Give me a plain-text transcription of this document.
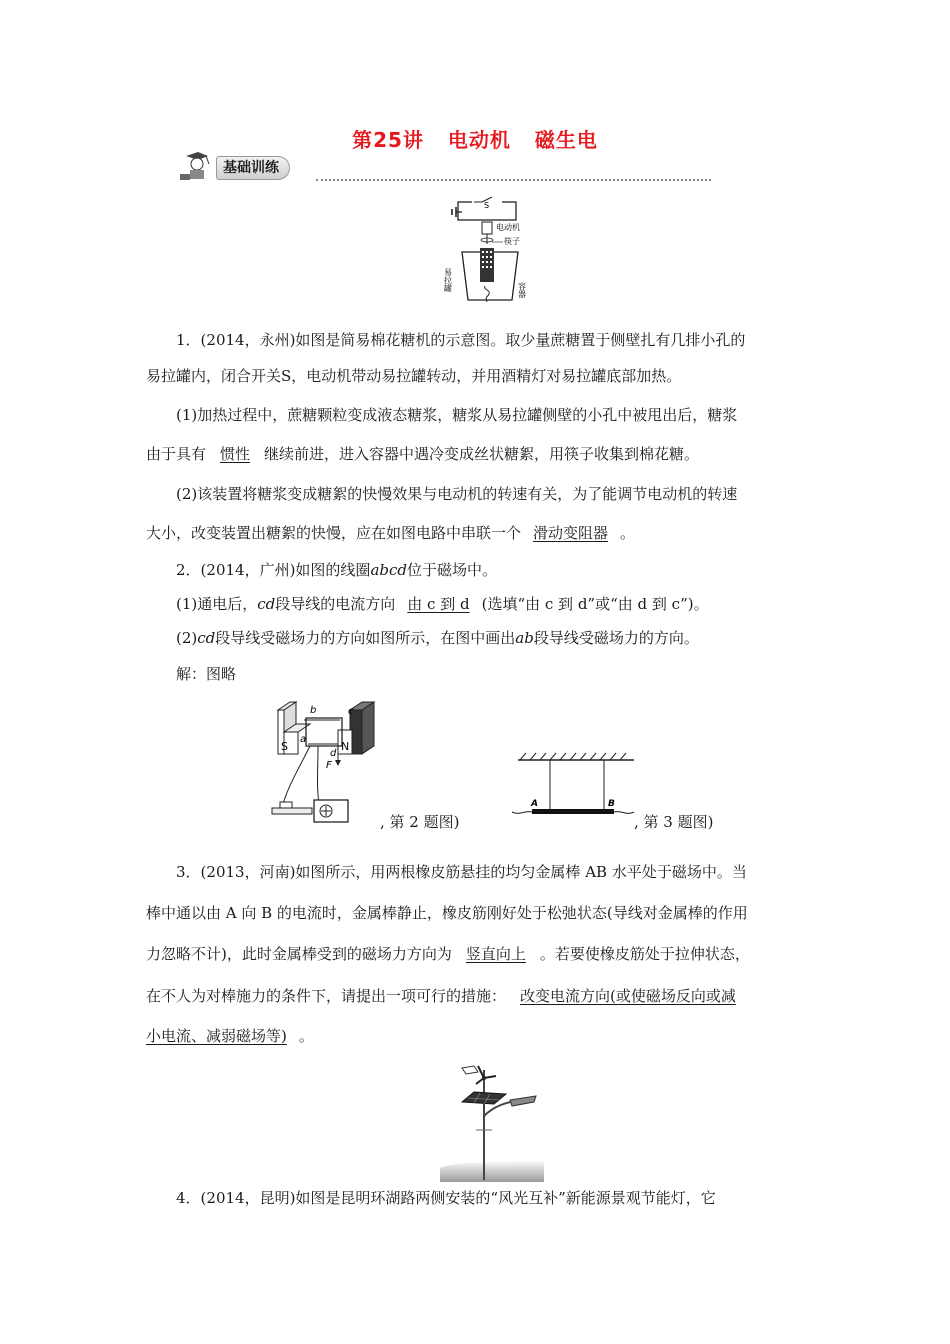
第25讲 电动机 磁生电
基础训练
S
电动机
筷子
易拉罐	容器
1．(2014，永州)如图是简易棉花糖机的示意图。取少量蔗糖置于侧壁扎有几排小孔的
易拉罐内，闭合开关S，电动机带动易拉罐转动，并用酒精灯对易拉罐底部加热。
(1)加热过程中，蔗糖颗粒变成液态糖浆，糖浆从易拉罐侧壁的小孔中被甩出后，糖浆
由于具有 惯性 继续前进，进入容器中遇冷变成丝状糖絮，用筷子收集到棉花糖。
(2)该装置将糖浆变成糖絮的快慢效果与电动机的转速有关，为了能调节电动机的转速
大小，改变装置出糖絮的快慢，应在如图电路中串联一个 滑动变阻器 。
2．(2014，广州)如图的线圈abcd位于磁场中。
(1)通电后，cd段导线的电流方向 由 c 到 d (选填“由 c 到 d”或“由 d 到 c”)。
(2)cd段导线受磁场力的方向如图所示，在图中画出ab段导线受磁场力的方向。
解：图略
S	N
b	c
a
d
F
, 第 2 题图)
A	B
, 第 3 题图)
3．(2013，河南)如图所示，用两根橡皮筋悬挂的均匀金属棒 AB 水平处于磁场中。当
棒中通以由 A 向 B 的电流时，金属棒静止，橡皮筋刚好处于松弛状态(导线对金属棒的作用
力忽略不计)，此时金属棒受到的磁场力方向为 竖直向上 。若要使橡皮筋处于拉伸状态，
在不人为对棒施力的条件下，请提出一项可行的措施： 改变电流方向(或使磁场反向或减
小电流、减弱磁场等) 。
4．(2014，昆明)如图是昆明环湖路两侧安装的“风光互补”新能源景观节能灯，它
